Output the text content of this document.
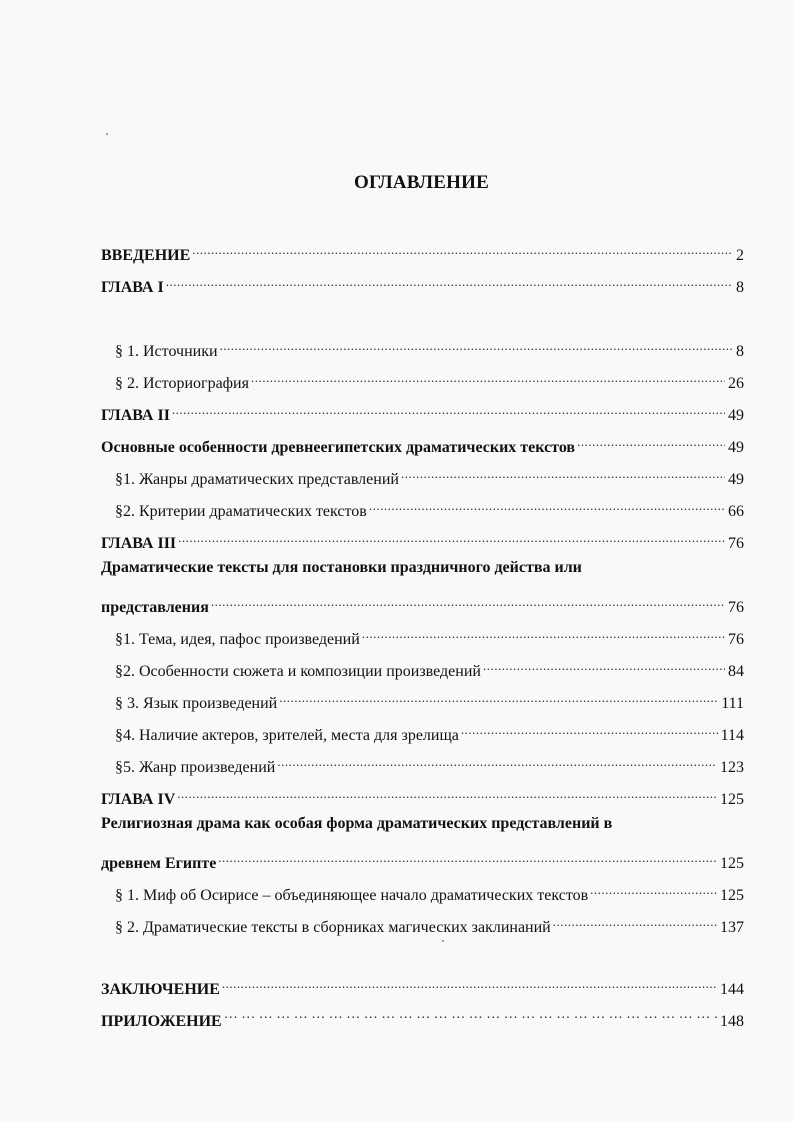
ОГЛАВЛЕНИЕ
ВВЕДЕНИЕ .....	2
ГЛАВА I .....	8
§ 1. Источники .....	8
§ 2. Историография .....	26
ГЛАВА II .....	49
Основные особенности древнеегипетских драматических текстов .....	49
§1. Жанры драматических представлений .....	49
§2. Критерии драматических текстов .....	66
ГЛАВА III .....	76
Драматические тексты для постановки праздничного действа или
представления .....	76
§1. Тема, идея, пафос произведений .....	76
§2. Особенности сюжета и композиции произведений .....	84
§ 3. Язык произведений .....	111
§4. Наличие актеров, зрителей, места для зрелища .....	114
§5. Жанр произведений .....	123
ГЛАВА IV .....	125
Религиозная драма как особая форма драматических представлений в
древнем Египте .....	125
§ 1. Миф об Осирисе – объединяющее начало драматических текстов .....	125
§ 2. Драматические тексты в сборниках магических заклинаний .....	137
ЗАКЛЮЧЕНИЕ .....	144
ПРИЛОЖЕНИЕ … … … … … … … … … … … … … … … … … … … … … … … … … … … … … … … … … … … … … … … … …	148
